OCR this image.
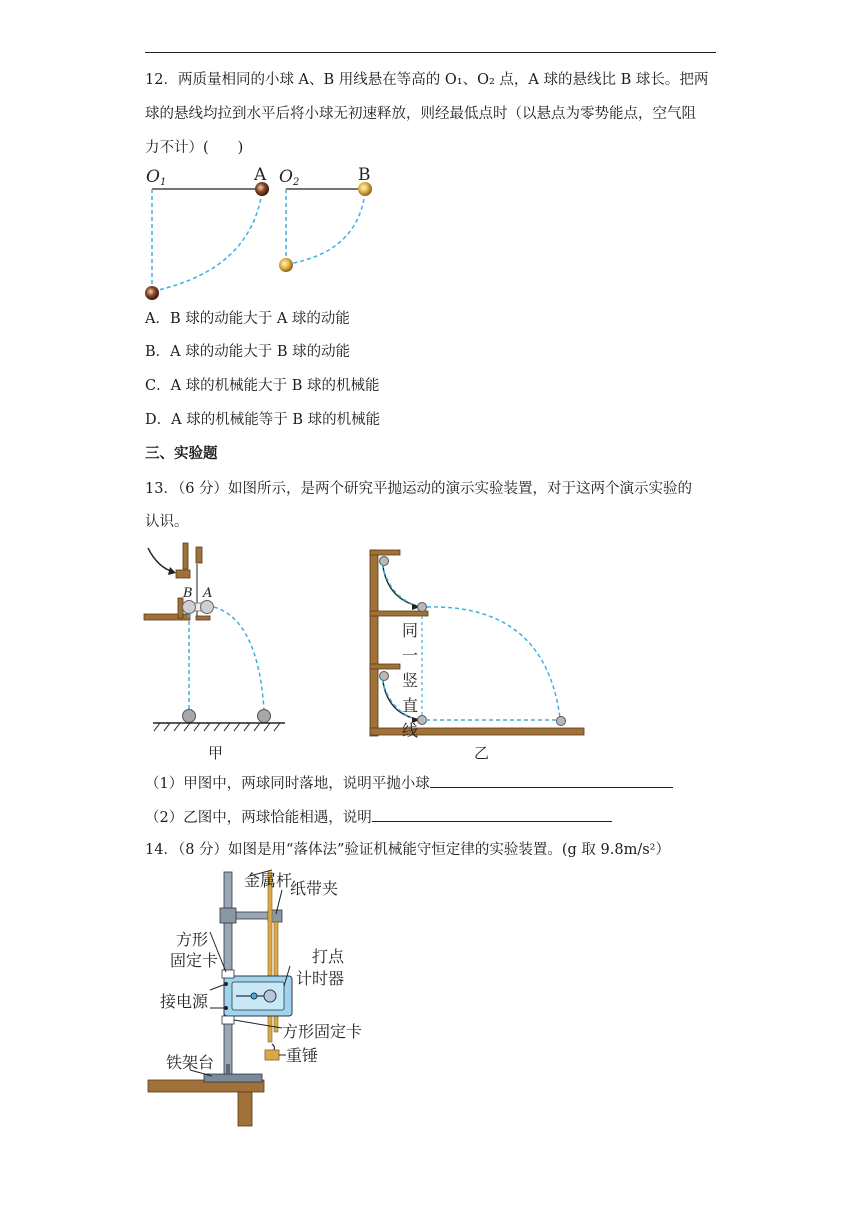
12．两质量相同的小球 A、B 用线悬在等高的 O₁、O₂ 点，A 球的悬线比 B 球长。把两
球的悬线均拉到水平后将小球无初速释放，则经最低点时（以悬点为零势能点，空气阻
力不计）(　　)
O1	A O2	B
A．B 球的动能大于 A 球的动能
B．A 球的动能大于 B 球的动能
C．A 球的机械能大于 B 球的机械能
D．A 球的机械能等于 B 球的机械能
三、实验题
13．（6 分）如图所示，是两个研究平抛运动的演示实验装置，对于这两个演示实验的
认识。
B A
甲
同
一
竖
直
线
乙
（1）甲图中，两球同时落地，说明平抛小球
（2）乙图中，两球恰能相遇，说明
14．（8 分）如图是用“落体法”验证机械能守恒定律的实验装置。(g 取 9.8m/s²）
金属杆
纸带夹
方形
固定卡	打点
计时器
接电源
方形固定卡
重锤
铁架台
